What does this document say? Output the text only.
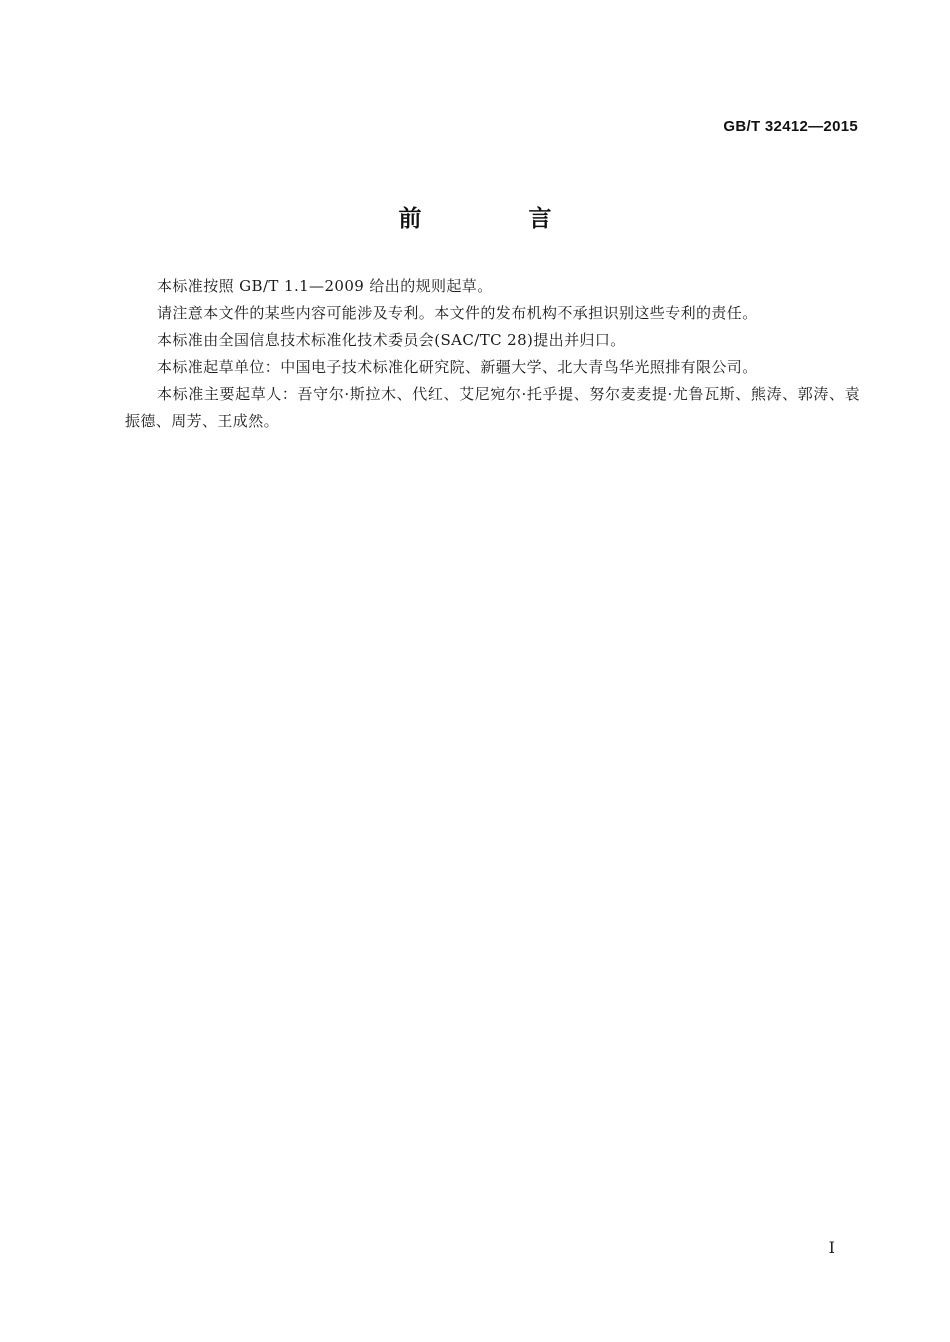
GB/T 32412—2015
前　言

本标准按照 GB/T 1.1—2009 给出的规则起草。

请注意本文件的某些内容可能涉及专利。本文件的发布机构不承担识别这些专利的责任。

本标准由全国信息技术标准化技术委员会(SAC/TC 28)提出并归口。

本标准起草单位：中国电子技术标准化研究院、新疆大学、北大青鸟华光照排有限公司。

本标准主要起草人：吾守尔·斯拉木、代红、艾尼宛尔·托乎提、努尔麦麦提·尤鲁瓦斯、熊涛、郭涛、袁振德、周芳、王成然。

I
